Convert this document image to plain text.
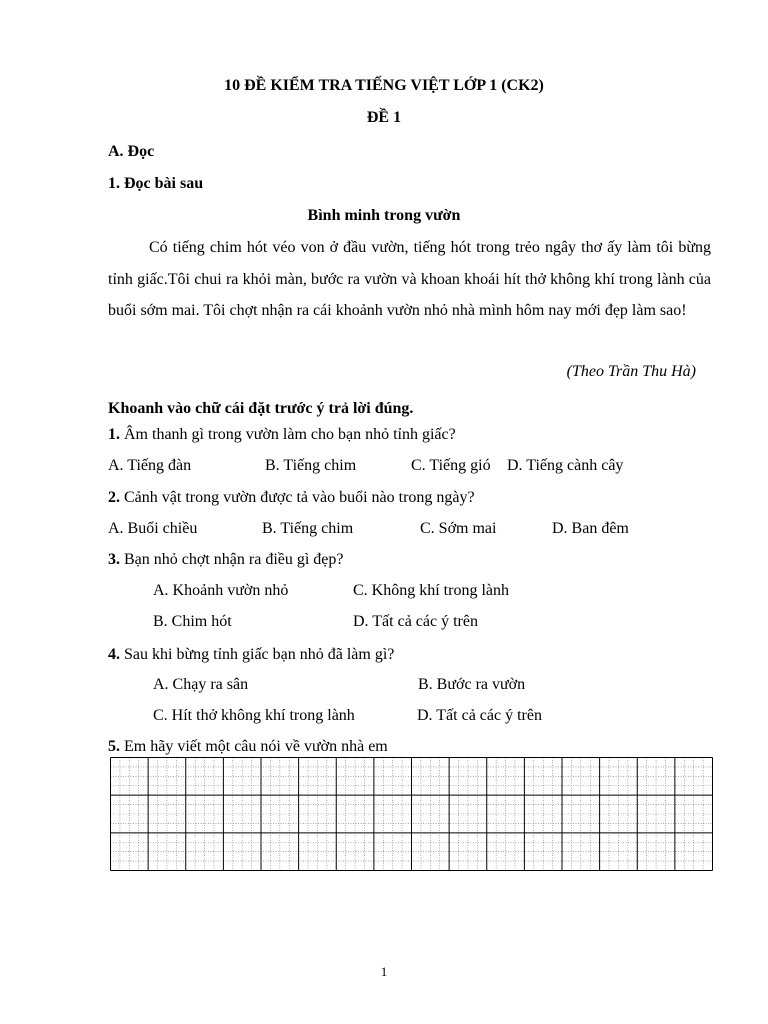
10 ĐỀ KIỂM TRA TIẾNG VIỆT LỚP 1 (CK2)
ĐỀ 1
A. Đọc
1. Đọc bài sau
Bình minh trong vườn
Có tiếng chim hót véo von ở đầu vườn, tiếng hót trong trẻo ngây thơ ấy làm tôi bừng tỉnh giấc.Tôi chui ra khỏi màn, bước ra vườn và khoan khoái hít thở không khí trong lành của buổi sớm mai. Tôi chợt nhận ra cái khoảnh vườn nhỏ nhà mình hôm nay mới đẹp làm sao!
(Theo Trần Thu Hà)
Khoanh vào chữ cái đặt trước ý trả lời đúng.
1. Âm thanh gì trong vườn làm cho bạn nhỏ tỉnh giấc?
A. Tiếng đàn	B. Tiếng chim	C. Tiếng gió D. Tiếng cành cây
2. Cảnh vật trong vườn được tả vào buổi nào trong ngày?
A. Buổi chiều	B. Tiếng chim	C. Sớm mai	D. Ban đêm
3. Bạn nhỏ chợt nhận ra điều gì đẹp?
A. Khoảnh vườn nhỏ	C. Không khí trong lành
B. Chim hót	D. Tất cả các ý trên
4. Sau khi bừng tỉnh giấc bạn nhỏ đã làm gì?
A. Chạy ra sân	B. Bước ra vườn
C. Hít thở không khí trong lành	D. Tất cả các ý trên
5. Em hãy viết một câu nói về vườn nhà em
1
